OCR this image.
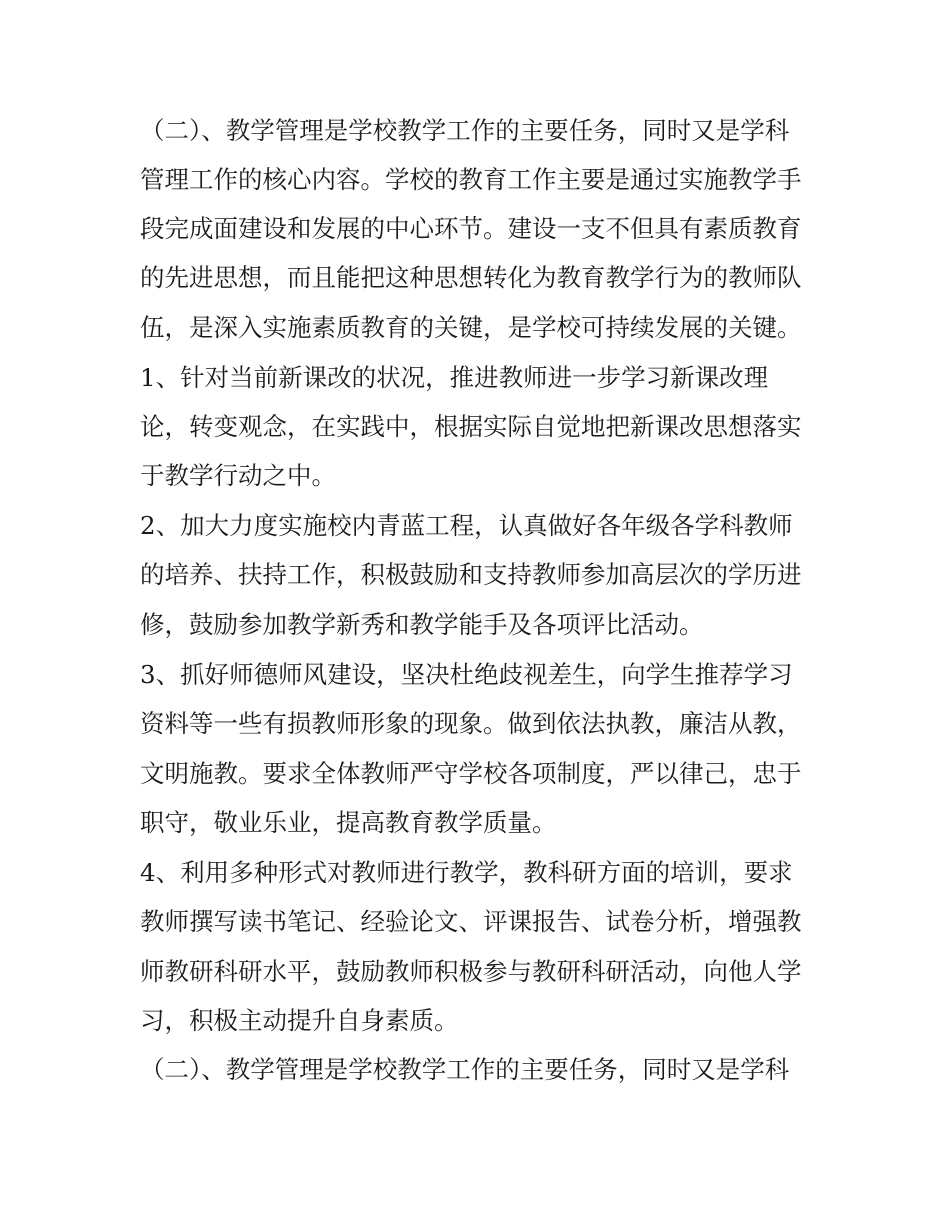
（二）、教学管理是学校教学工作的主要任务，同时又是学科

管理工作的核心内容。学校的教育工作主要是通过实施教学手

段完成面建设和发展的中心环节。建设一支不但具有素质教育

的先进思想，而且能把这种思想转化为教育教学行为的教师队

伍，是深入实施素质教育的关键，是学校可持续发展的关键。

1、针对当前新课改的状况，推进教师进一步学习新课改理

论，转变观念，在实践中，根据实际自觉地把新课改思想落实

于教学行动之中。

2、加大力度实施校内青蓝工程，认真做好各年级各学科教师

的培养、扶持工作，积极鼓励和支持教师参加高层次的学历进

修，鼓励参加教学新秀和教学能手及各项评比活动。

3、抓好师德师风建设，坚决杜绝歧视差生，向学生推荐学习

资料等一些有损教师形象的现象。做到依法执教，廉洁从教，

文明施教。要求全体教师严守学校各项制度，严以律己，忠于

职守，敬业乐业，提高教育教学质量。

4、利用多种形式对教师进行教学，教科研方面的培训，要求

教师撰写读书笔记、经验论文、评课报告、试卷分析，增强教

师教研科研水平，鼓励教师积极参与教研科研活动，向他人学

习，积极主动提升自身素质。

（二）、教学管理是学校教学工作的主要任务，同时又是学科
